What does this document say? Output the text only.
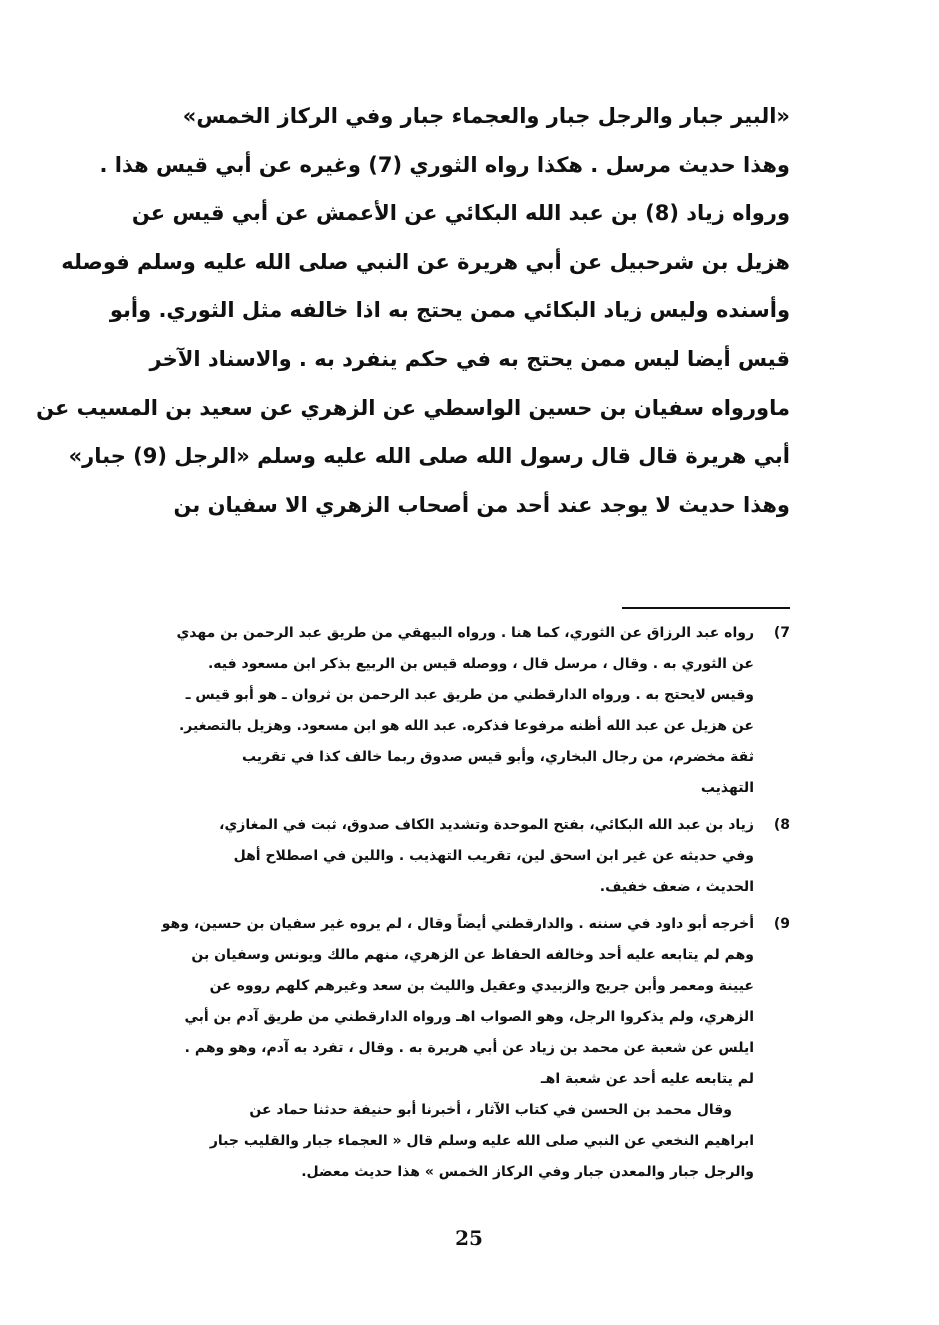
«البير جبار والرجل جبار والعجماء جبار وفي الركاز الخمس»
وهذا حديث مرسل . هكذا رواه الثوري (7) وغيره عن أبي قيس هذا .
ورواه زياد (8) بن عبد الله البكائي عن الأعمش عن أبي قيس عن
هزيل بن شرحبيل عن أبي هريرة عن النبي صلى الله عليه وسلم فوصله
وأسنده وليس زياد البكائي ممن يحتج به اذا خالفه مثل الثوري. وأبو
قيس أيضا ليس ممن يحتج به في حكم ينفرد به . والاسناد الآخر
ماورواه سفيان بن حسين الواسطي عن الزهري عن سعيد بن المسيب عن
أبي هريرة قال قال رسول الله صلى الله عليه وسلم «الرجل (9) جبار»
وهذا حديث لا يوجد عند أحد من أصحاب الزهري الا سفيان بن
(7
رواه عبد الرزاق عن الثوري، كما هنا . ورواه البيهقي من طريق عبد الرحمن بن مهدي
عن الثوري به . وقال ، مرسل قال ، ووصله قيس بن الربيع بذكر ابن مسعود فيه.
وقيس لايحتج به . ورواه الدارقطني من طريق عبد الرحمن بن ثروان ـ هو أبو قيس ـ
عن هزيل عن عبد الله أظنه مرفوعا فذكره. عبد الله هو ابن مسعود. وهزيل بالتصغير.
ثقة مخضرم، من رجال البخاري، وأبو قيس صدوق ربما خالف كذا في تقريب
التهذيب
(8
زياد بن عبد الله البكائي، بفتح الموحدة وتشديد الكاف صدوق، ثبت في المغازي،
وفي حديثه عن غير ابن اسحق لين، تقريب التهذيب . واللين في اصطلاح أهل
الحديث ، ضعف خفيف.
(9
أخرجه أبو داود في سننه . والدارقطني أيضاً وقال ، لم يروه غير سفيان بن حسين، وهو
وهم لم يتابعه عليه أحد وخالفه الحفاظ عن الزهري، منهم مالك ويونس وسفيان بن
عيينة ومعمر وأبن جريج والزبيدي وعقيل والليث بن سعد وغيرهم كلهم رووه عن
الزهري، ولم يذكروا الرجل، وهو الصواب اهـ ورواه الدارقطني من طريق آدم بن أبي
ايلس عن شعبة عن محمد بن زياد عن أبي هريرة به . وقال ، تفرد به آدم، وهو وهم .
لم يتابعه عليه أحد عن شعبة اهـ
وقال محمد بن الحسن في كتاب الآثار ، أخبرنا أبو حنيفة حدثنا حماد عن
ابراهيم النخعي عن النبي صلى الله عليه وسلم قال « العجماء جبار والقليب جبار
والرجل جبار والمعدن جبار وفي الركاز الخمس » هذا حديث معضل.
25
